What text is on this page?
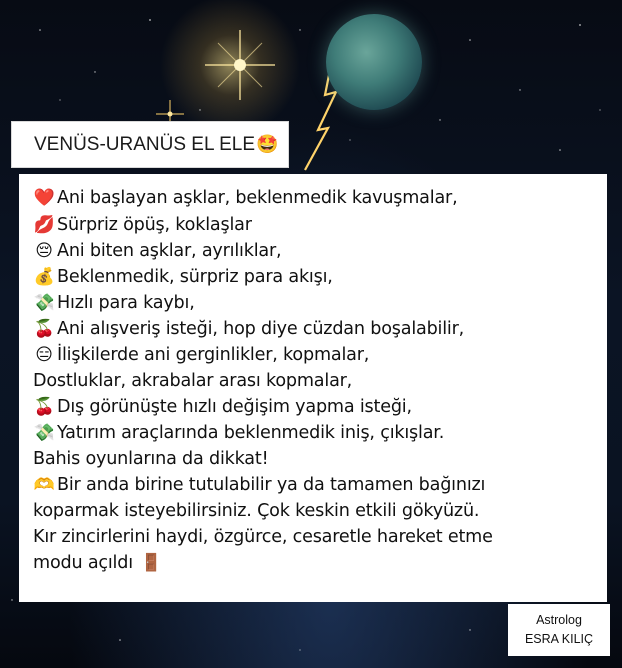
VENÜS-URANÜS EL ELE🤩
❤️ Ani başlayan aşklar, beklenmedik kavuşmalar,
💋 Sürpriz öpüş, koklaşlar
😔 Ani biten aşklar, ayrılıklar,
💰 Beklenmedik, sürpriz para akışı,
💸 Hızlı para kaybı,
🍒 Ani alışveriş isteği, hop diye cüzdan boşalabilir,
😑 İlişkilerde ani gerginlikler, kopmalar,
Dostluklar, akrabalar arası kopmalar,
🍒 Dış görünüşte hızlı değişim yapma isteği,
💸 Yatırım araçlarında beklenmedik iniş, çıkışlar.
Bahis oyunlarına da dikkat!
🫶 Bir anda birine tutulabilir ya da tamamen bağınızı
koparmak isteyebilirsiniz. Çok keskin etkili gökyüzü.
Kır zincirlerini haydi, özgürce, cesaretle hareket etme
modu açıldı 🚪
Astrolog
ESRA KILIÇ
